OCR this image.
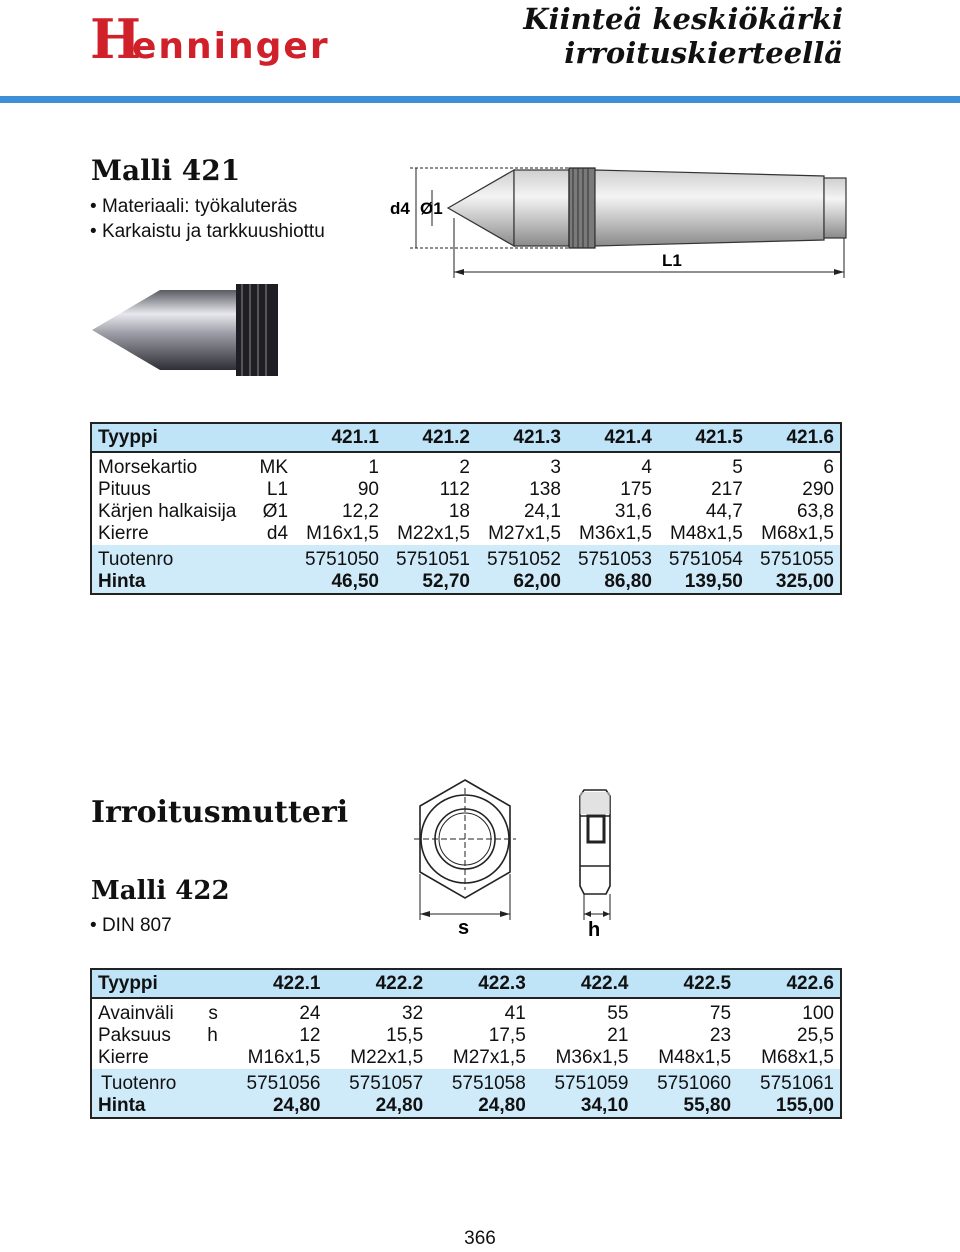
H
enninger
Kiinteä keskiökärki
irroituskierteellä
Malli 421
• Materiaali: työkaluteräs
• Karkaistu ja tarkkuushiottu
d4 Ø1
L1
Tyyppi		421.1	421.2	421.3	421.4	421.5	421.6
Morsekartio	MK	1	2	3	4	5	6
Pituus	L1	90	112	138	175	217	290
Kärjen halkaisija	Ø1	12,2	18	24,1	31,6	44,7	63,8
Kierre	d4	M16x1,5	M22x1,5	M27x1,5	M36x1,5	M48x1,5	M68x1,5
Tuotenro		5751050	5751051	5751052	5751053	5751054	5751055
Hinta		46,50	52,70	62,00	86,80	139,50	325,00
Irroitusmutteri
Malli 422
• DIN 807	s	h
Tyyppi		422.1	422.2	422.3	422.4	422.5	422.6
Avainväli	s	24	32	41	55	75	100
Paksuus	h	12	15,5	17,5	21	23	25,5
Kierre		M16x1,5	M22x1,5	M27x1,5	M36x1,5	M48x1,5	M68x1,5
Tuotenro		5751056	5751057	5751058	5751059	5751060	5751061
Hinta		24,80	24,80	24,80	34,10	55,80	155,00
366
